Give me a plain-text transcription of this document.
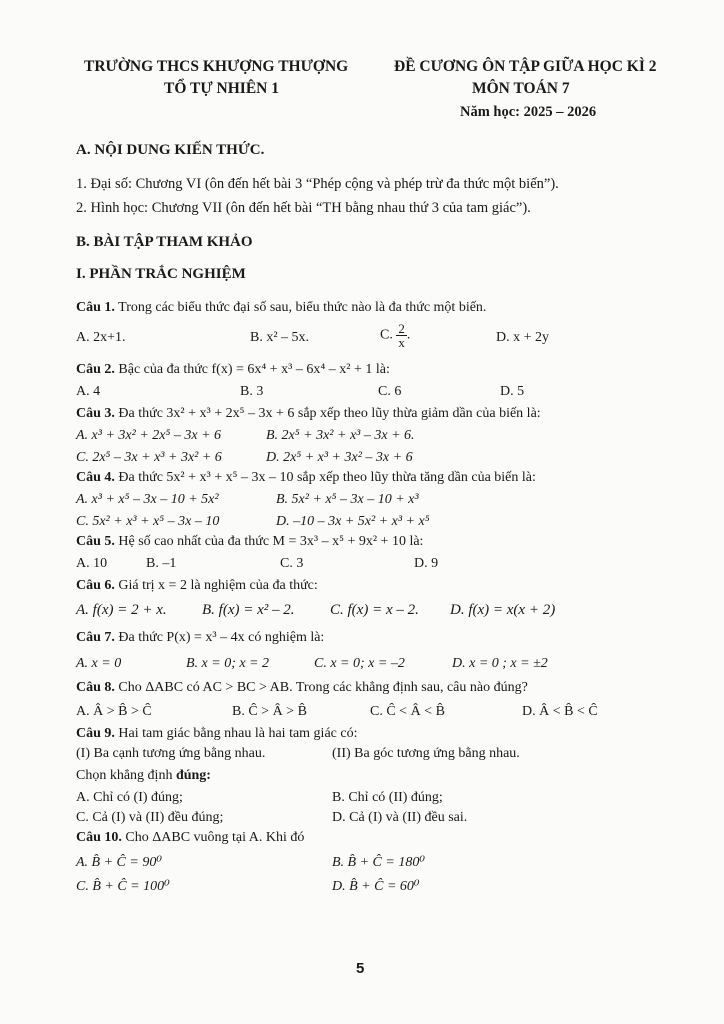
TRƯỜNG THCS KHƯỢNG THƯỢNG
TỔ TỰ NHIÊN 1
ĐỀ CƯƠNG ÔN TẬP GIỮA HỌC KÌ 2
MÔN TOÁN 7
Năm học: 2025 – 2026
A. NỘI DUNG KIẾN THỨC.
1. Đại số: Chương VI (ôn đến hết bài 3 “Phép cộng và phép trừ đa thức một biến”).
2. Hình học: Chương VII (ôn đến hết bài “TH bằng nhau thứ 3 của tam giác”).
B. BÀI TẬP THAM KHẢO
I. PHẦN TRẮC NGHIỆM
Câu 1. Trong các biểu thức đại số sau, biểu thức nào là đa thức một biến.
A. 2x+1.	B. x² – 5x.	C. $\frac{2}{x}$ .	D. x + 2y
Câu 2. Bậc của đa thức f(x) = 6x⁴ + x³ – 6x⁴ – x² + 1 là:
A. 4	B. 3	C. 6	D. 5
Câu 3. Đa thức 3x² + x³ + 2x⁵ – 3x + 6 sắp xếp theo lũy thừa giảm dần của biến là:
A. x³ + 3x² + 2x⁵ – 3x + 6	B. 2x⁵ + 3x² + x³ – 3x + 6.
C. 2x⁵ – 3x + x³ + 3x² + 6	D. 2x⁵ + x³ + 3x² – 3x + 6
Câu 4. Đa thức 5x² + x³ + x⁵ – 3x – 10 sắp xếp theo lũy thừa tăng dần của biến là:
A. x³ + x⁵ – 3x – 10 + 5x²	B. 5x² + x⁵ – 3x – 10 + x³
C. 5x² + x³ + x⁵ – 3x – 10	D. –10 – 3x + 5x² + x³ + x⁵
Câu 5. Hệ số cao nhất của đa thức M = 3x³ – x⁵ + 9x² + 10 là:
A. 10	B. –1	C. 3	D. 9
Câu 6. Giá trị x = 2 là nghiệm của đa thức:
A. f(x) = 2 + x. B. f(x) = x² – 2. C. f(x) = x – 2. D. f(x) = x(x + 2)
Câu 7. Đa thức P(x) = x³ – 4x có nghiệm là:
A. x = 0	B. x = 0; x = 2	C. x = 0; x = –2	D. x = 0 ; x = ±2
Câu 8. Cho ΔABC có AC > BC > AB. Trong các khẳng định sau, câu nào đúng?
A. Â > B̂ > Ĉ	B. Ĉ > Â > B̂	C. Ĉ < Â < B̂	D. Â < B̂ < Ĉ
Câu 9. Hai tam giác bằng nhau là hai tam giác có:
(I) Ba cạnh tương ứng bằng nhau.	(II) Ba góc tương ứng bằng nhau.
Chọn khẳng định đúng:
A. Chỉ có (I) đúng;	B. Chỉ có (II) đúng;
C. Cả (I) và (II) đều đúng;	D. Cả (I) và (II) đều sai.
Câu 10. Cho ΔABC vuông tại A. Khi đó
A. B̂ + Ĉ = 90⁰	B. B̂ + Ĉ = 180⁰
C. B̂ + Ĉ = 100⁰	D. B̂ + Ĉ = 60⁰
5
